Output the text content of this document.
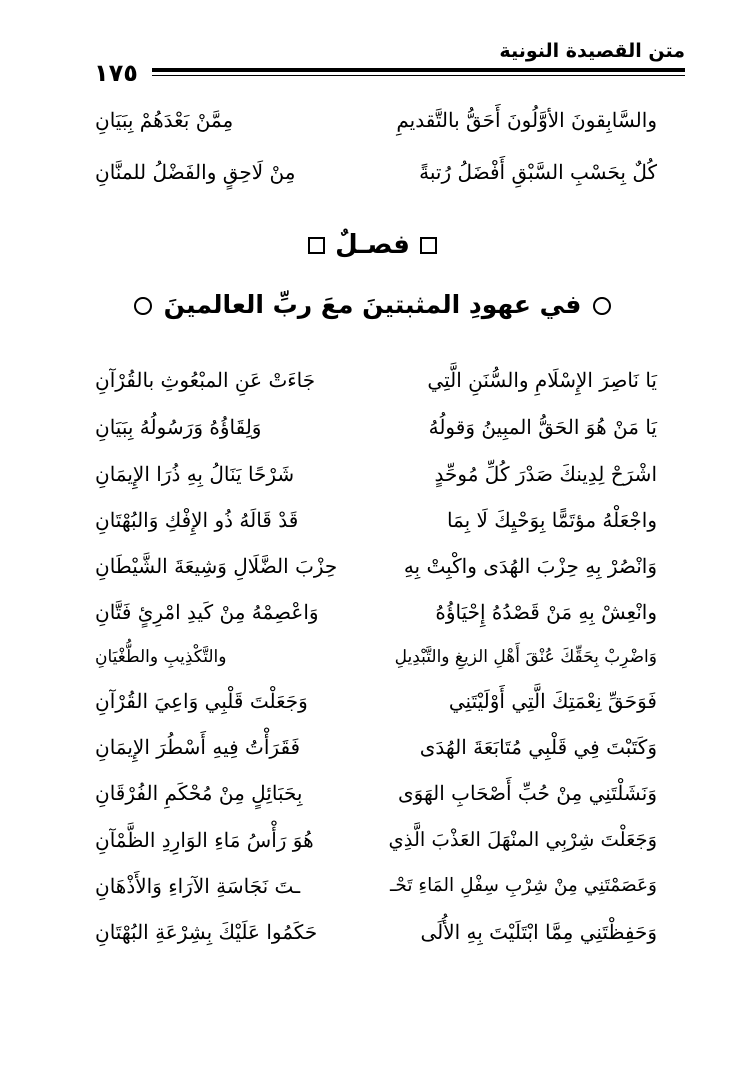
متن القصيدة النونية
١٧٥
والسَّابِقونَ الأوَّلُونَ أَحَقُّ بالتَّقديمِ
مِمَّنْ بَعْدَهُمْ بِبَيَانِ
كُلٌ بِحَسْبِ السَّبْقِ أَفْضَلُ رُتبةً
مِنْ لَاحِقٍ والفَضْلُ للمنَّانِ
فصـلٌ
في عهودِ المثبتينَ معَ ربِّ العالمينَ
يَا نَاصِرَ الإِسْلَامِ والسُّنَنِ الَّتِي
جَاءَتْ عَنِ المبْعُوثِ بالقُرْآنِ
يَا مَنْ هُوَ الحَقُّ المبِينُ وَقولُهُ
وَلِقَاؤُهُ وَرَسُولُهُ بِبَيَانِ
اشْرَحْ لِدِينكَ صَدْرَ كُلِّ مُوحِّدٍ
شَرْحًا يَنَالُ بِهِ ذُرَا الإِيمَانِ
واجْعَلْهُ مؤتَمًّا بِوَحْيِكَ لَا بِمَا
قَدْ قَالَهُ ذُو الإِفْكِ وَالبُهْتَانِ
وَانْصُرْ بِهِ حِزْبَ الهُدَى واكْبِتْ بِهِ
حِزْبَ الضَّلَالِ وَشِيعَةَ الشَّيْطَانِ
وانْعِشْ بِهِ مَنْ قَصْدُهُ إِحْيَاؤُهُ
وَاعْصِمْهُ مِنْ كَيدِ امْرِئٍ فَتَّانِ
وَاضْرِبْ بِحَقِّكَ عُنْقَ أَهْلِ الزيغِ والتَّبْدِيلِ
والتَّكْذِيبِ والطُّغْيَانِ
فَوَحَقِّ نِعْمَتِكَ الَّتِي أَوْلَيْتَنِي
وَجَعَلْتَ قَلْبِي وَاعِيَ القُرْآنِ
وَكَتَبْتَ فِي قَلْبِي مُتَابَعَةَ الهُدَى
فَقَرَأْتُ فِيهِ أَسْطُرَ الإِيمَانِ
وَنَشَلْتَنِي مِنْ حُبِّ أَصْحَابِ الهَوَى
بِحَبَائِلٍ مِنْ مُحْكَمِ الفُرْقَانِ
وَجَعَلْتَ شِرْبِي المنْهَلَ العَذْبَ الَّذِي
هُوَ رَأْسُ مَاءِ الوَارِدِ الظَّمْآنِ
وَعَصَمْتَنِي مِنْ شِرْبِ سِفْلِ المَاءِ تَحْـ
ـتَ نَجَاسَةِ الآرَاءِ وَالأَذْهَانِ
وَحَفِظْتَنِي مِمَّا ابْتَلَيْتَ بِهِ الأُلَى
حَكَمُوا عَلَيْكَ بِشِرْعَةِ البُهْتَانِ
